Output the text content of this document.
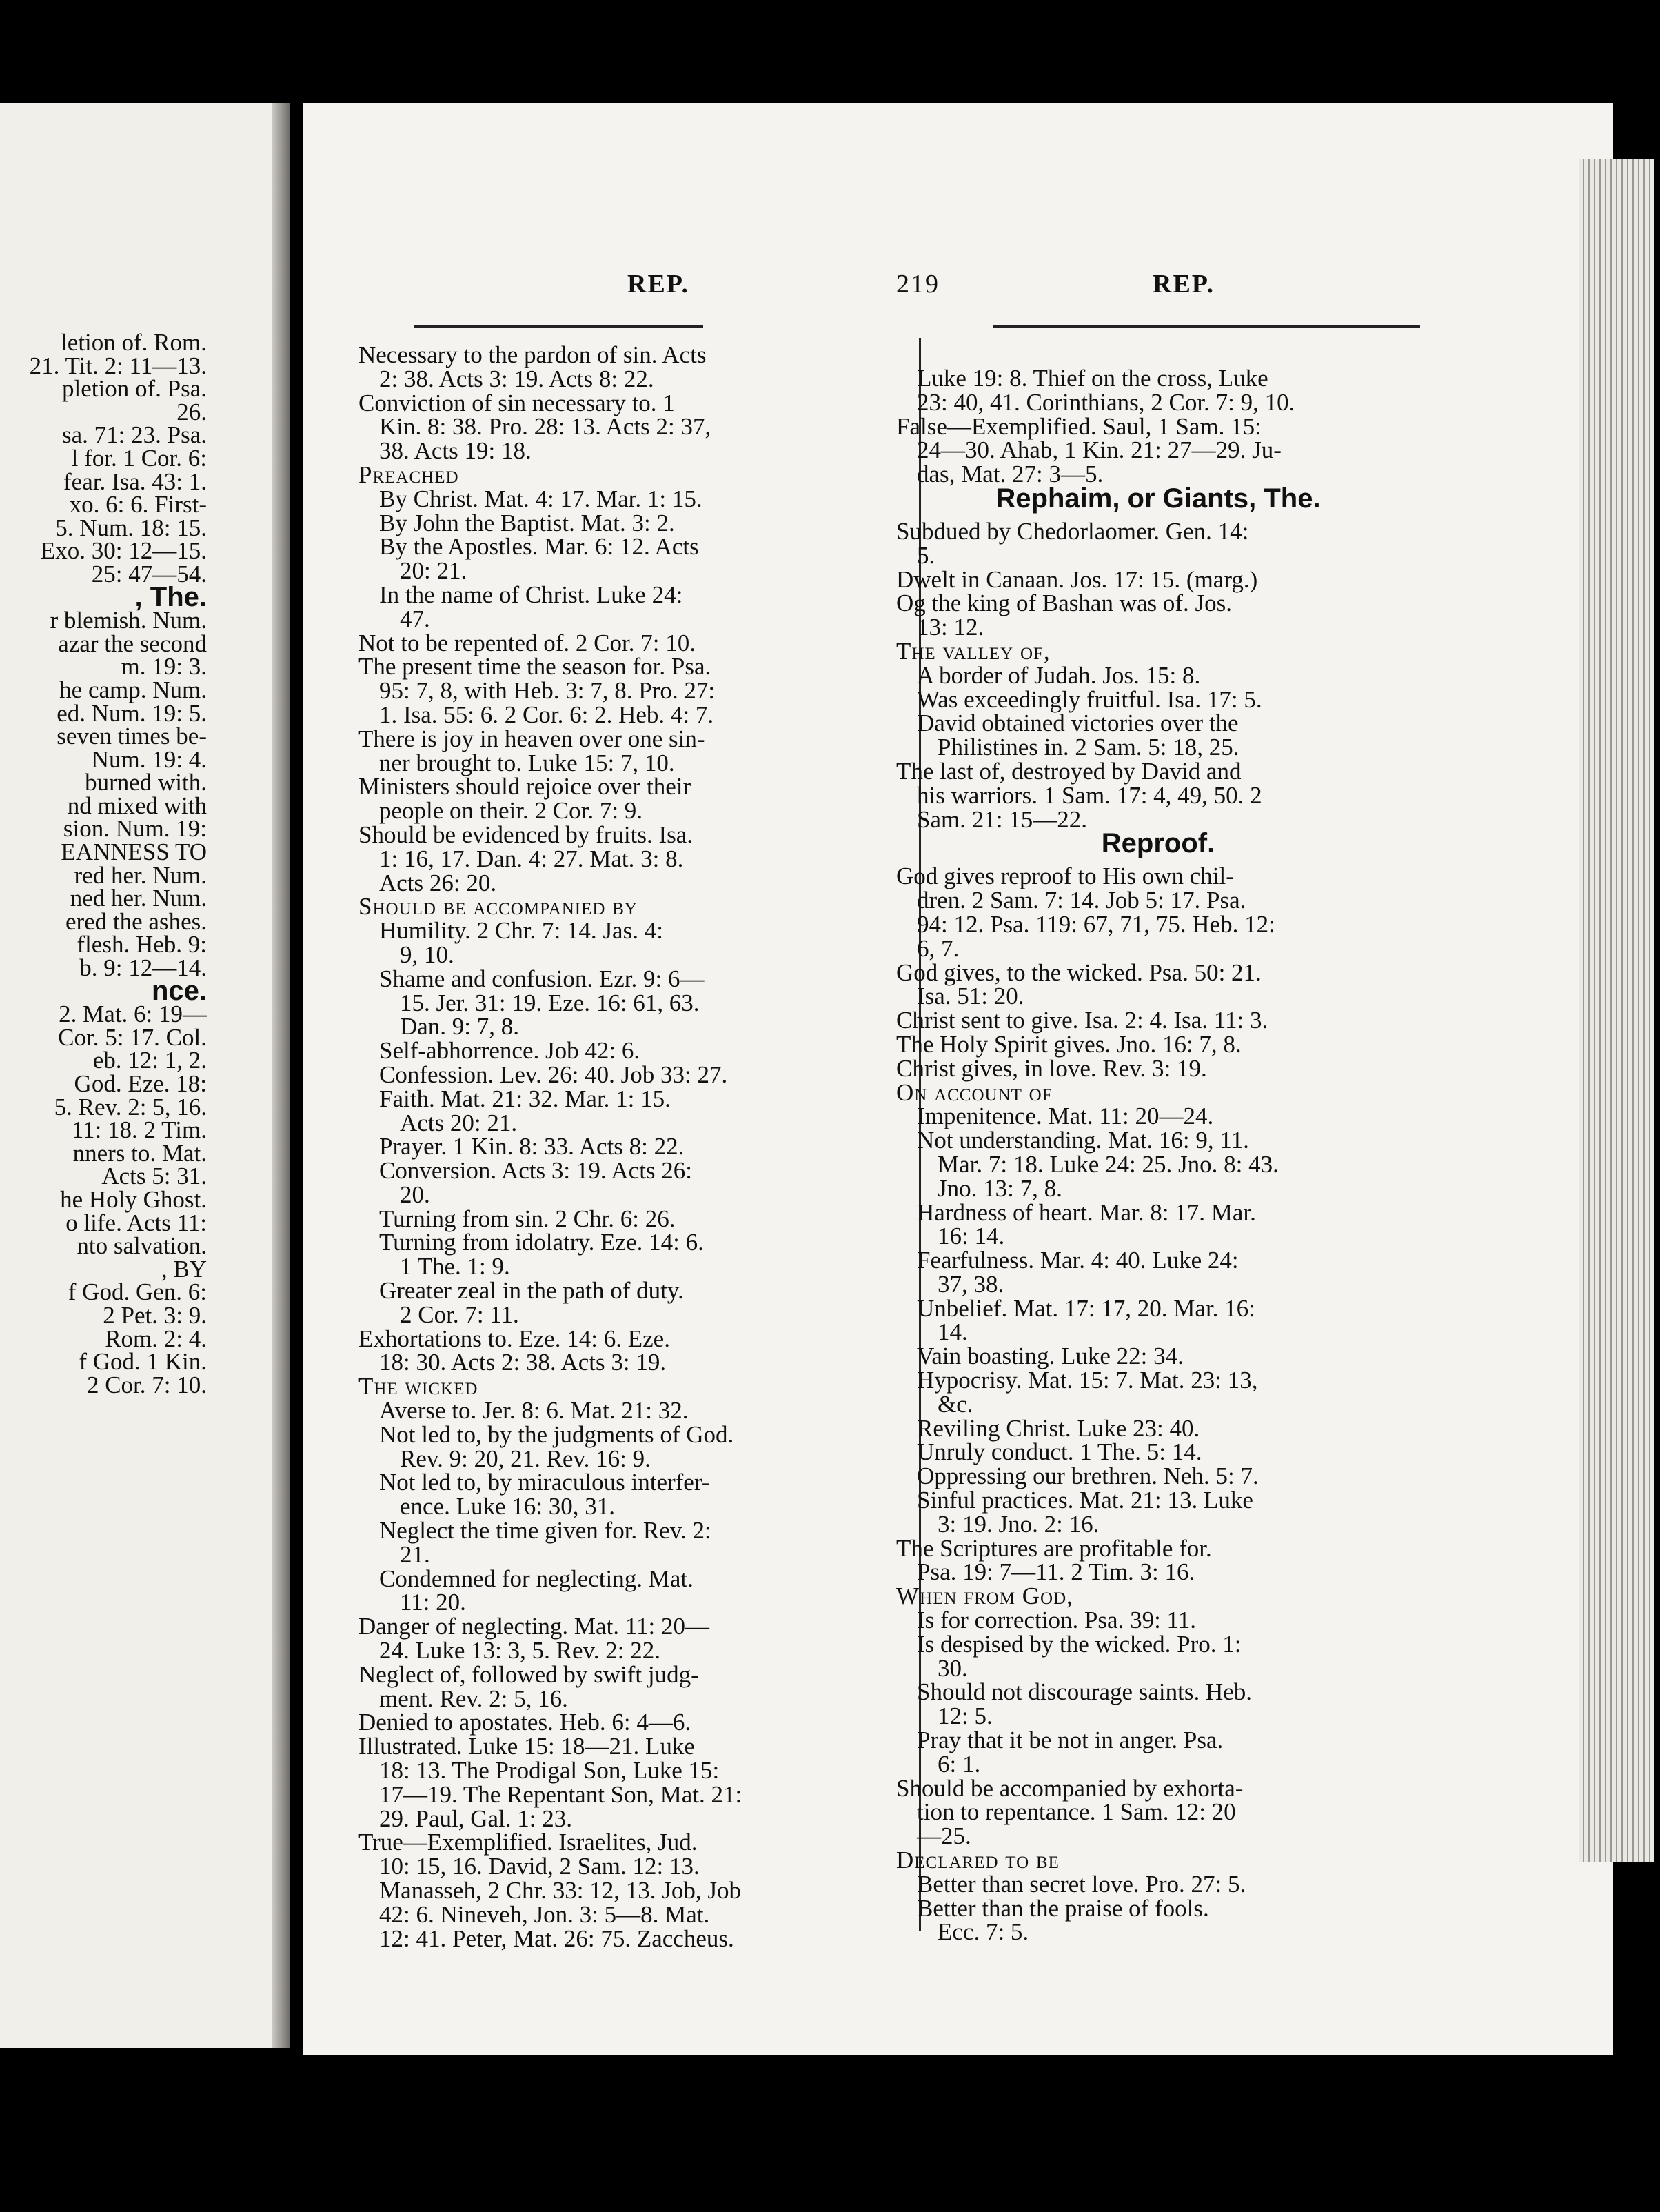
letion of. Rom.
21. Tit. 2: 11—13.
pletion of. Psa.
26.
sa. 71: 23. Psa.
l for. 1 Cor. 6:
fear. Isa. 43: 1.
xo. 6: 6. First-
5. Num. 18: 15.
Exo. 30: 12—15.
25: 47—54.
, The.
r blemish. Num.
azar the second
m. 19: 3.
he camp. Num.
ed. Num. 19: 5.
seven times be-
Num. 19: 4.
burned with.
nd mixed with
sion. Num. 19:
EANNESS TO
red her. Num.
ned her. Num.
ered the ashes.
flesh. Heb. 9:
b. 9: 12—14.
nce.
2. Mat. 6: 19—
Cor. 5: 17. Col.
eb. 12: 1, 2.
God. Eze. 18:
5. Rev. 2: 5, 16.
11: 18. 2 Tim.
nners to. Mat.
Acts 5: 31.
he Holy Ghost.
o life. Acts 11:
nto salvation.
, BY
f God. Gen. 6:
2 Pet. 3: 9.
Rom. 2: 4.
f God. 1 Kin.
2 Cor. 7: 10.
REP.	219	REP.
Necessary to the pardon of sin. Acts
2: 38. Acts 3: 19. Acts 8: 22.
Conviction of sin necessary to. 1
Kin. 8: 38. Pro. 28: 13. Acts 2: 37,
38. Acts 19: 18.
Preached
By Christ. Mat. 4: 17. Mar. 1: 15.
By John the Baptist. Mat. 3: 2.
By the Apostles. Mar. 6: 12. Acts
20: 21.
In the name of Christ. Luke 24:
47.
Not to be repented of. 2 Cor. 7: 10.
The present time the season for. Psa.
95: 7, 8, with Heb. 3: 7, 8. Pro. 27:
1. Isa. 55: 6. 2 Cor. 6: 2. Heb. 4: 7.
There is joy in heaven over one sin-
ner brought to. Luke 15: 7, 10.
Ministers should rejoice over their
people on their. 2 Cor. 7: 9.
Should be evidenced by fruits. Isa.
1: 16, 17. Dan. 4: 27. Mat. 3: 8.
Acts 26: 20.
Should be accompanied by
Humility. 2 Chr. 7: 14. Jas. 4:
9, 10.
Shame and confusion. Ezr. 9: 6—
15. Jer. 31: 19. Eze. 16: 61, 63.
Dan. 9: 7, 8.
Self-abhorrence. Job 42: 6.
Confession. Lev. 26: 40. Job 33: 27.
Faith. Mat. 21: 32. Mar. 1: 15.
Acts 20: 21.
Prayer. 1 Kin. 8: 33. Acts 8: 22.
Conversion. Acts 3: 19. Acts 26:
20.
Turning from sin. 2 Chr. 6: 26.
Turning from idolatry. Eze. 14: 6.
1 The. 1: 9.
Greater zeal in the path of duty.
2 Cor. 7: 11.
Exhortations to. Eze. 14: 6. Eze.
18: 30. Acts 2: 38. Acts 3: 19.
The wicked
Averse to. Jer. 8: 6. Mat. 21: 32.
Not led to, by the judgments of God.
Rev. 9: 20, 21. Rev. 16: 9.
Not led to, by miraculous interfer-
ence. Luke 16: 30, 31.
Neglect the time given for. Rev. 2:
21.
Condemned for neglecting. Mat.
11: 20.
Danger of neglecting. Mat. 11: 20—
24. Luke 13: 3, 5. Rev. 2: 22.
Neglect of, followed by swift judg-
ment. Rev. 2: 5, 16.
Denied to apostates. Heb. 6: 4—6.
Illustrated. Luke 15: 18—21. Luke
18: 13. The Prodigal Son, Luke 15:
17—19. The Repentant Son, Mat. 21:
29. Paul, Gal. 1: 23.
True—Exemplified. Israelites, Jud.
10: 15, 16. David, 2 Sam. 12: 13.
Manasseh, 2 Chr. 33: 12, 13. Job, Job
42: 6. Nineveh, Jon. 3: 5—8. Mat.
12: 41. Peter, Mat. 26: 75. Zaccheus.
Luke 19: 8. Thief on the cross, Luke
23: 40, 41. Corinthians, 2 Cor. 7: 9, 10.
False—Exemplified. Saul, 1 Sam. 15:
24—30. Ahab, 1 Kin. 21: 27—29. Ju-
das, Mat. 27: 3—5.
Rephaim, or Giants, The.
Subdued by Chedorlaomer. Gen. 14:
5.
Dwelt in Canaan. Jos. 17: 15. (marg.)
Og the king of Bashan was of. Jos.
13: 12.
The valley of,
A border of Judah. Jos. 15: 8.
Was exceedingly fruitful. Isa. 17: 5.
David obtained victories over the
Philistines in. 2 Sam. 5: 18, 25.
The last of, destroyed by David and
his warriors. 1 Sam. 17: 4, 49, 50. 2
Sam. 21: 15—22.
Reproof.
God gives reproof to His own chil-
dren. 2 Sam. 7: 14. Job 5: 17. Psa.
94: 12. Psa. 119: 67, 71, 75. Heb. 12:
6, 7.
God gives, to the wicked. Psa. 50: 21.
Isa. 51: 20.
Christ sent to give. Isa. 2: 4. Isa. 11: 3.
The Holy Spirit gives. Jno. 16: 7, 8.
Christ gives, in love. Rev. 3: 19.
On account of
Impenitence. Mat. 11: 20—24.
Not understanding. Mat. 16: 9, 11.
Mar. 7: 18. Luke 24: 25. Jno. 8: 43.
Jno. 13: 7, 8.
Hardness of heart. Mar. 8: 17. Mar.
16: 14.
Fearfulness. Mar. 4: 40. Luke 24:
37, 38.
Unbelief. Mat. 17: 17, 20. Mar. 16:
14.
Vain boasting. Luke 22: 34.
Hypocrisy. Mat. 15: 7. Mat. 23: 13,
&c.
Reviling Christ. Luke 23: 40.
Unruly conduct. 1 The. 5: 14.
Oppressing our brethren. Neh. 5: 7.
Sinful practices. Mat. 21: 13. Luke
3: 19. Jno. 2: 16.
The Scriptures are profitable for.
Psa. 19: 7—11. 2 Tim. 3: 16.
When from God,
Is for correction. Psa. 39: 11.
Is despised by the wicked. Pro. 1:
30.
Should not discourage saints. Heb.
12: 5.
Pray that it be not in anger. Psa.
6: 1.
Should be accompanied by exhorta-
tion to repentance. 1 Sam. 12: 20
—25.
Declared to be
Better than secret love. Pro. 27: 5.
Better than the praise of fools.
Ecc. 7: 5.
